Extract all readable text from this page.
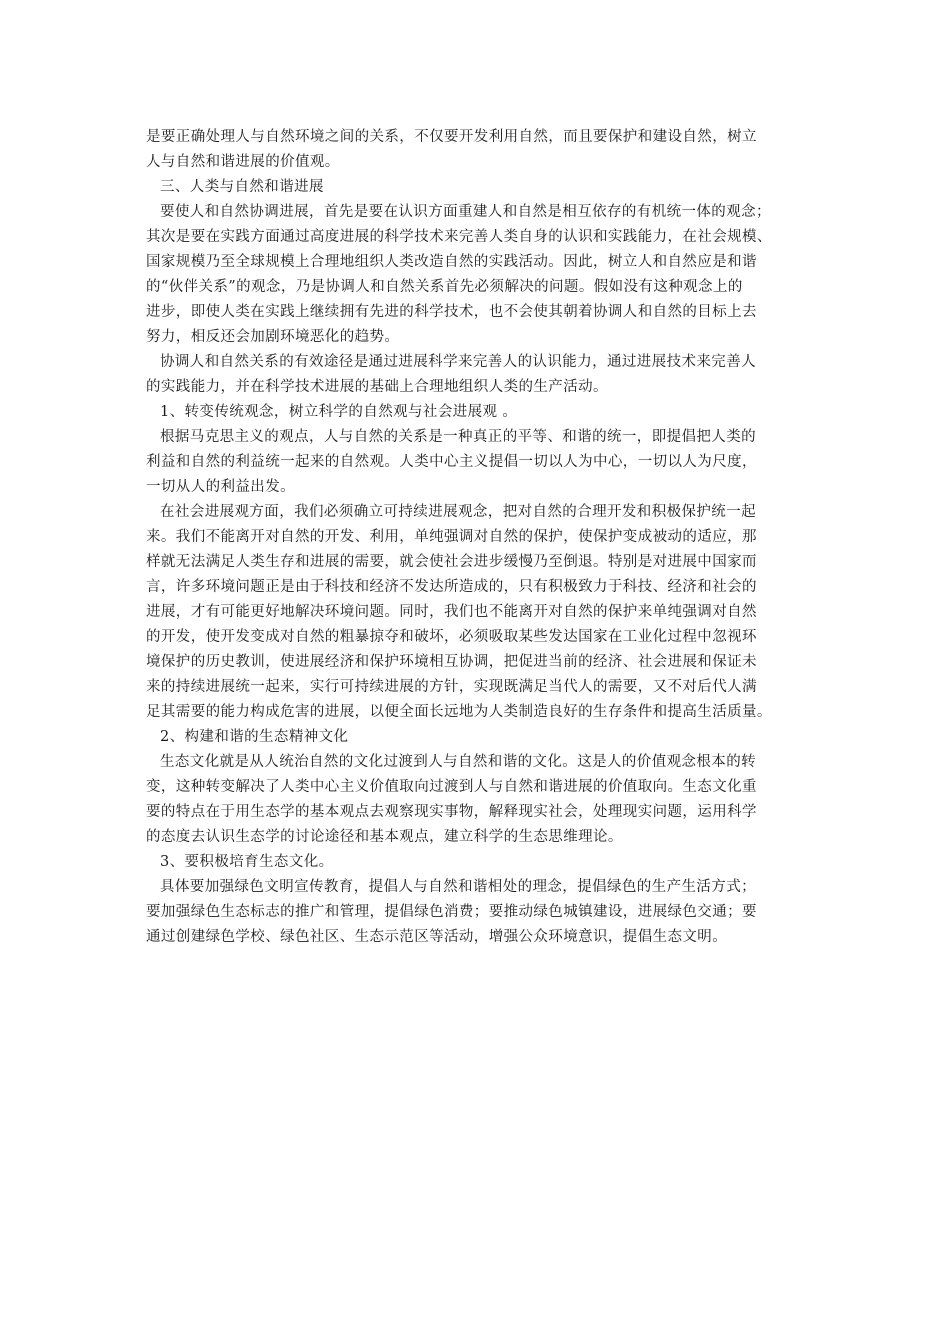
是要正确处理人与自然环境之间的关系，不仅要开发利用自然，而且要保护和建设自然，树立
人与自然和谐进展的价值观。
三、人类与自然和谐进展
要使人和自然协调进展，首先是要在认识方面重建人和自然是相互依存的有机统一体的观念；
其次是要在实践方面通过高度进展的科学技术来完善人类自身的认识和实践能力，在社会规模、
国家规模乃至全球规模上合理地组织人类改造自然的实践活动。因此，树立人和自然应是和谐
的“伙伴关系”的观念，乃是协调人和自然关系首先必须解决的问题。假如没有这种观念上的
进步，即使人类在实践上继续拥有先进的科学技术，也不会使其朝着协调人和自然的目标上去
努力，相反还会加剧环境恶化的趋势。
协调人和自然关系的有效途径是通过进展科学来完善人的认识能力，通过进展技术来完善人
的实践能力，并在科学技术进展的基础上合理地组织人类的生产活动。
1、转变传统观念，树立科学的自然观与社会进展观 。
根据马克思主义的观点，人与自然的关系是一种真正的平等、和谐的统一，即提倡把人类的
利益和自然的利益统一起来的自然观。人类中心主义提倡一切以人为中心，一切以人为尺度，
一切从人的利益出发。
在社会进展观方面，我们必须确立可持续进展观念，把对自然的合理开发和积极保护统一起
来。我们不能离开对自然的开发、利用，单纯强调对自然的保护，使保护变成被动的适应，那
样就无法满足人类生存和进展的需要，就会使社会进步缓慢乃至倒退。特别是对进展中国家而
言，许多环境问题正是由于科技和经济不发达所造成的，只有积极致力于科技、经济和社会的
进展，才有可能更好地解决环境问题。同时，我们也不能离开对自然的保护来单纯强调对自然
的开发，使开发变成对自然的粗暴掠夺和破坏，必须吸取某些发达国家在工业化过程中忽视环
境保护的历史教训，使进展经济和保护环境相互协调，把促进当前的经济、社会进展和保证未
来的持续进展统一起来，实行可持续进展的方针，实现既满足当代人的需要，又不对后代人满
足其需要的能力构成危害的进展，以便全面长远地为人类制造良好的生存条件和提高生活质量。
2、构建和谐的生态精神文化
生态文化就是从人统治自然的文化过渡到人与自然和谐的文化。这是人的价值观念根本的转
变，这种转变解决了人类中心主义价值取向过渡到人与自然和谐进展的价值取向。生态文化重
要的特点在于用生态学的基本观点去观察现实事物，解释现实社会，处理现实问题，运用科学
的态度去认识生态学的讨论途径和基本观点，建立科学的生态思维理论。
3、要积极培育生态文化。
具体要加强绿色文明宣传教育，提倡人与自然和谐相处的理念，提倡绿色的生产生活方式；
要加强绿色生态标志的推广和管理，提倡绿色消费；要推动绿色城镇建设，进展绿色交通；要
通过创建绿色学校、绿色社区、生态示范区等活动，增强公众环境意识，提倡生态文明。
